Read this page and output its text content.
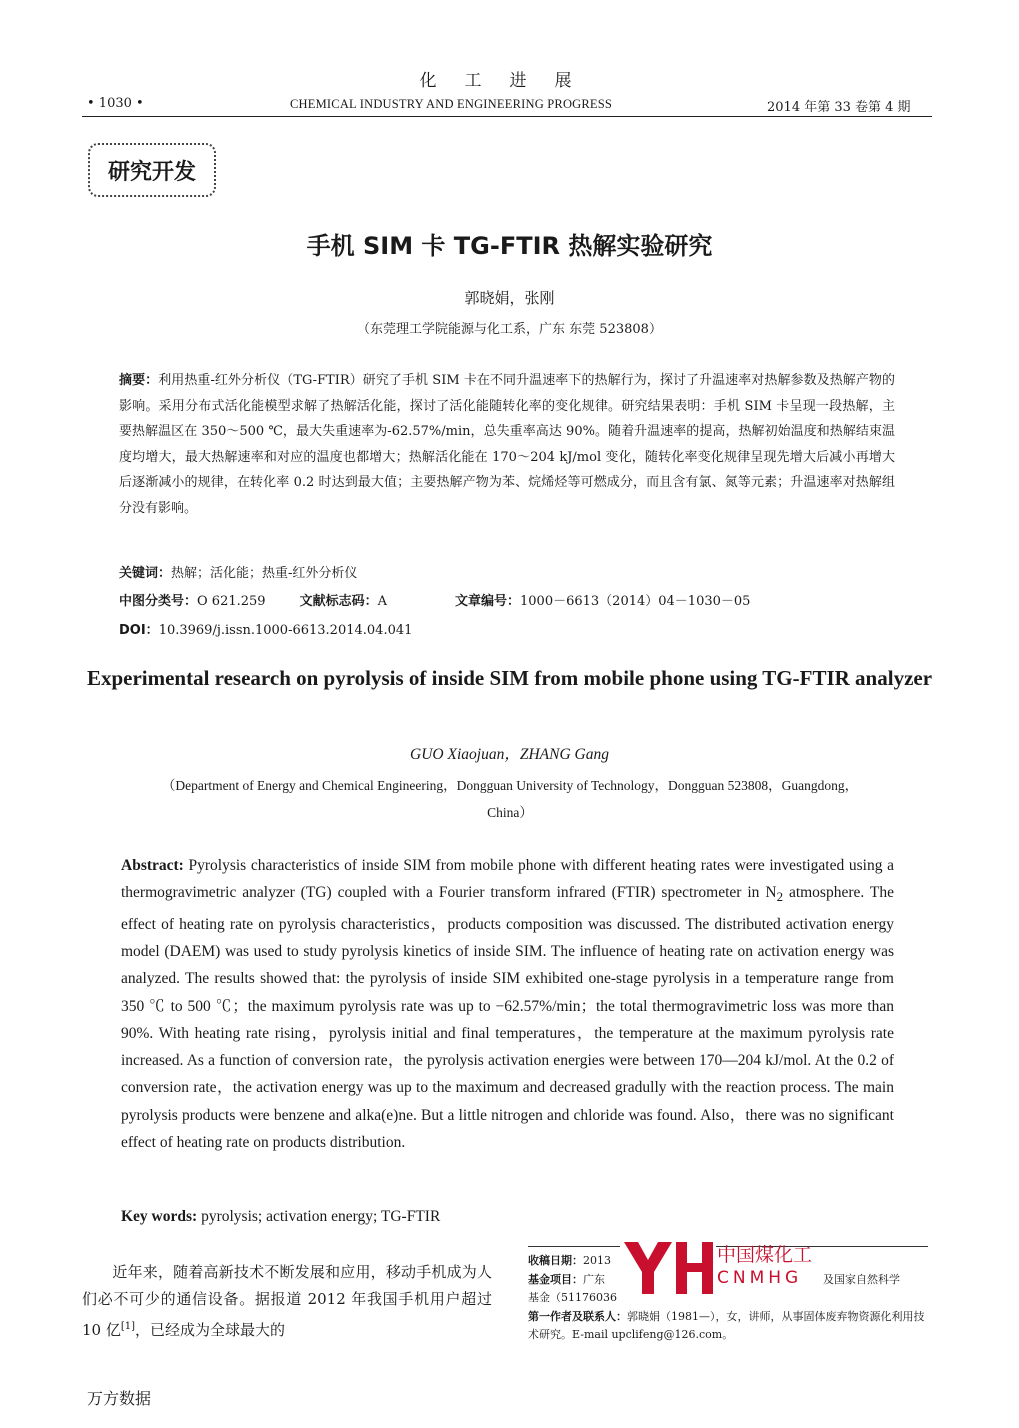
化工进展
• 1030 •	CHEMICAL INDUSTRY AND ENGINEERING PROGRESS	2014 年第 33 卷第 4 期
研究开发
手机 SIM 卡 TG-FTIR 热解实验研究
郭晓娟，张刚
（东莞理工学院能源与化工系，广东 东莞 523808）
摘要：利用热重-红外分析仪（TG-FTIR）研究了手机 SIM 卡在不同升温速率下的热解行为，探讨了升温速率对热解参数及热解产物的影响。采用分布式活化能模型求解了热解活化能，探讨了活化能随转化率的变化规律。研究结果表明：手机 SIM 卡呈现一段热解，主要热解温区在 350～500 ℃，最大失重速率为-62.57%/min，总失重率高达 90%。随着升温速率的提高，热解初始温度和热解结束温度均增大，最大热解速率和对应的温度也都增大；热解活化能在 170～204 kJ/mol 变化，随转化率变化规律呈现先增大后减小再增大后逐渐减小的规律，在转化率 0.2 时达到最大值；主要热解产物为苯、烷烯烃等可燃成分，而且含有氯、氮等元素；升温速率对热解组分没有影响。
关键词：热解；活化能；热重-红外分析仪
中图分类号：O 621.259	文献标志码：A	文章编号：1000－6613（2014）04－1030－05
DOI：10.3969/j.issn.1000-6613.2014.04.041
Experimental research on pyrolysis of inside SIM from mobile phone using TG-FTIR analyzer
GUO Xiaojuan，ZHANG Gang
（Department of Energy and Chemical Engineering，Dongguan University of Technology，Dongguan 523808，Guangdong，China）
Abstract: Pyrolysis characteristics of inside SIM from mobile phone with different heating rates were investigated using a thermogravimetric analyzer (TG) coupled with a Fourier transform infrared (FTIR) spectrometer in $N_2$ atmosphere. The effect of heating rate on pyrolysis characteristics，products composition was discussed. The distributed activation energy model (DAEM) was used to study pyrolysis kinetics of inside SIM. The influence of heating rate on activation energy was analyzed. The results showed that: the pyrolysis of inside SIM exhibited one-stage pyrolysis in a temperature range from 350 ℃ to 500 ℃；the maximum pyrolysis rate was up to −62.57%/min；the total thermogravimetric loss was more than 90%. With heating rate rising，pyrolysis initial and final temperatures，the temperature at the maximum pyrolysis rate increased. As a function of conversion rate，the pyrolysis activation energies were between 170—204 kJ/mol. At the 0.2 of conversion rate，the activation energy was up to the maximum and decreased gradully with the reaction process. The main pyrolysis products were benzene and alka(e)ne. But a little nitrogen and chloride was found. Also，there was no significant effect of heating rate on products distribution.
Key words: pyrolysis; activation energy; TG-FTIR
　　近年来，随着高新技术不断发展和应用，移动手机成为人们必不可少的通信设备。据报道 2012 年我国手机用户超过 10 亿[1]，已经成为全球最大的
收稿日期：2013
基金项目：广东	及国家自然科学
基金（51176036
第一作者及联系人：郭晓娟（1981—），女，讲师，从事固体废弃物资源化利用技术研究。E-mail upclifeng@126.com。
中国煤化工
CNMHG
万方数据
